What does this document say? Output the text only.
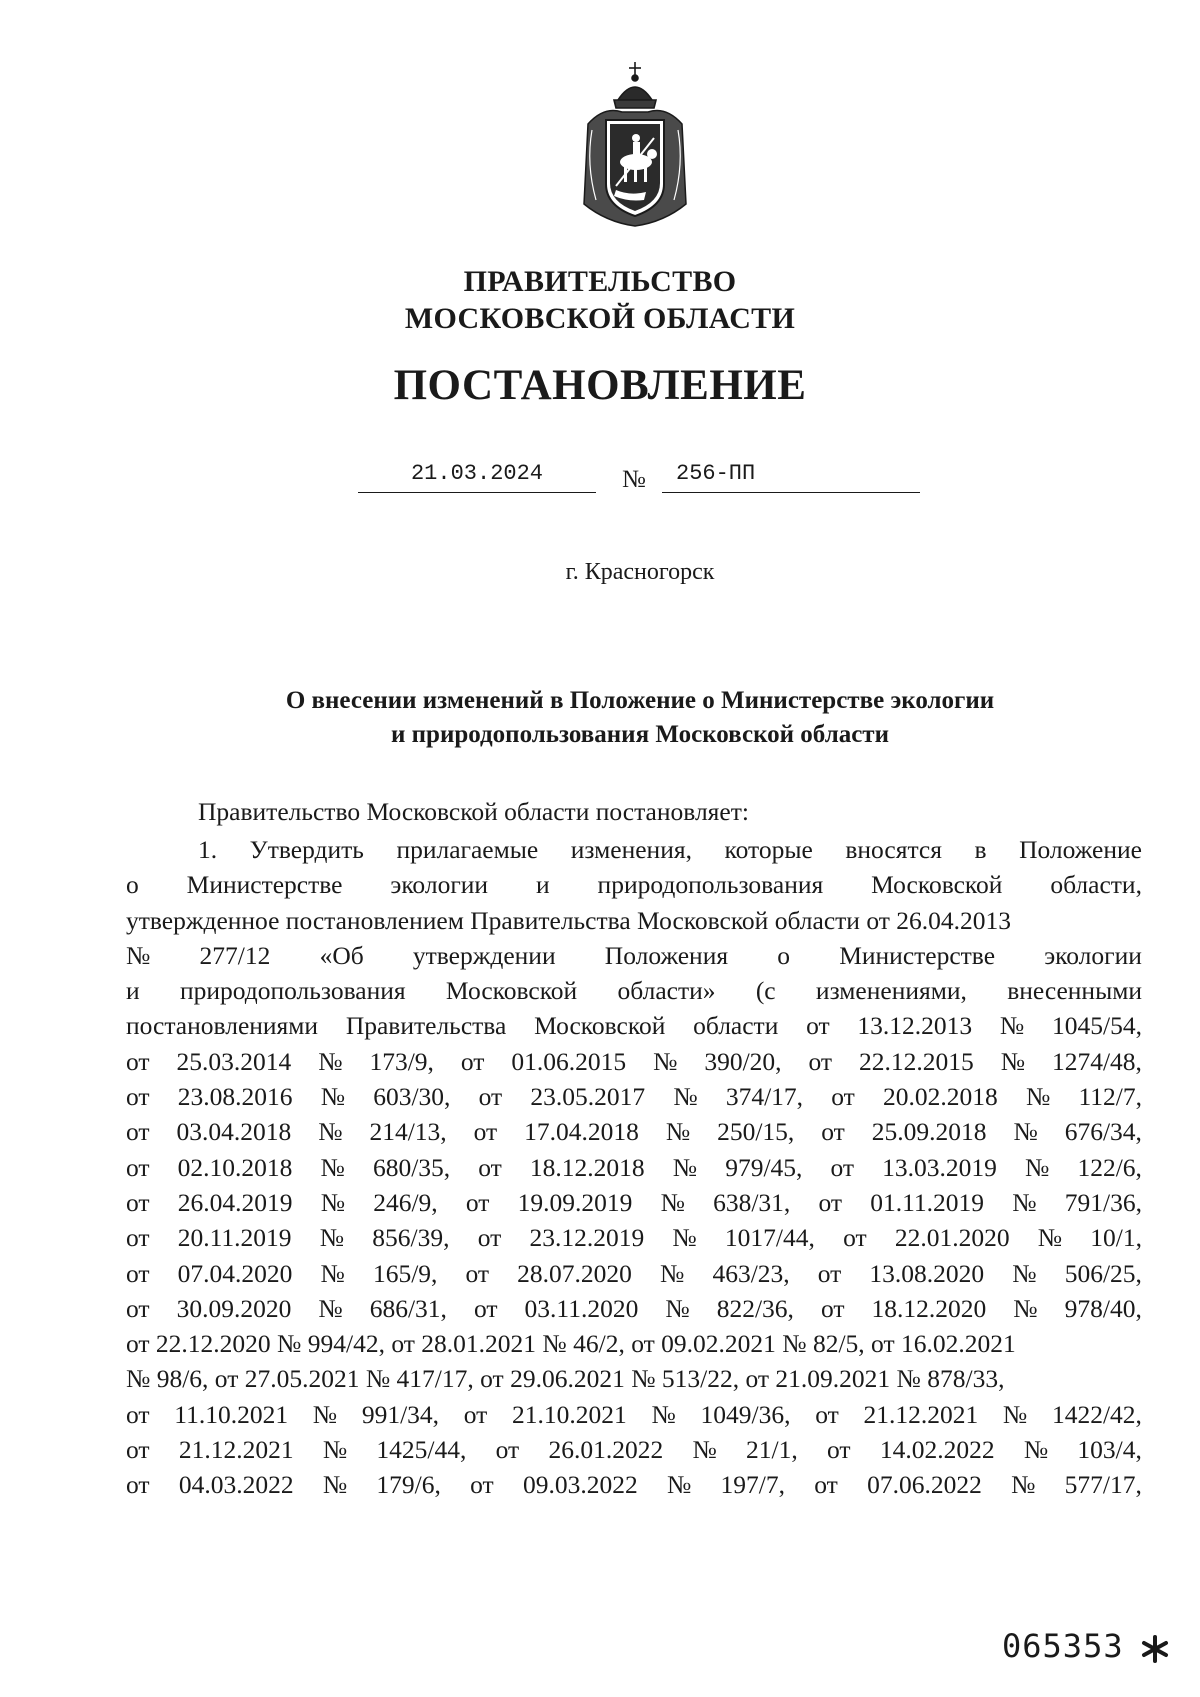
ПРАВИТЕЛЬСТВО
МОСКОВСКОЙ ОБЛАСТИ
ПОСТАНОВЛЕНИЕ
21.03.2024	№	256-ПП
г. Красногорск
О внесении изменений в Положение о Министерстве экологии
и природопользования Московской области
Правительство Московской области постановляет:
1. Утвердить прилагаемые изменения, которые вносятся в Положение
о Министерстве экологии и природопользования Московской области,
утвержденное постановлением Правительства Московской области от 26.04.2013
№ 277/12 «Об утверждении Положения о Министерстве экологии
и природопользования Московской области» (с изменениями, внесенными
постановлениями Правительства Московской области от 13.12.2013 № 1045/54,
от 25.03.2014 № 173/9, от 01.06.2015 № 390/20, от 22.12.2015 № 1274/48,
от 23.08.2016 № 603/30, от 23.05.2017 № 374/17, от 20.02.2018 № 112/7,
от 03.04.2018 № 214/13, от 17.04.2018 № 250/15, от 25.09.2018 № 676/34,
от 02.10.2018 № 680/35, от 18.12.2018 № 979/45, от 13.03.2019 № 122/6,
от 26.04.2019 № 246/9, от 19.09.2019 № 638/31, от 01.11.2019 № 791/36,
от 20.11.2019 № 856/39, от 23.12.2019 № 1017/44, от 22.01.2020 № 10/1,
от 07.04.2020 № 165/9, от 28.07.2020 № 463/23, от 13.08.2020 № 506/25,
от 30.09.2020 № 686/31, от 03.11.2020 № 822/36, от 18.12.2020 № 978/40,
от 22.12.2020 № 994/42, от 28.01.2021 № 46/2, от 09.02.2021 № 82/5, от 16.02.2021
№ 98/6, от 27.05.2021 № 417/17, от 29.06.2021 № 513/22, от 21.09.2021 № 878/33,
от 11.10.2021 № 991/34, от 21.10.2021 № 1049/36, от 21.12.2021 № 1422/42,
от 21.12.2021 № 1425/44, от 26.01.2022 № 21/1, от 14.02.2022 № 103/4,
от 04.03.2022 № 179/6, от 09.03.2022 № 197/7, от 07.06.2022 № 577/17,
065353
